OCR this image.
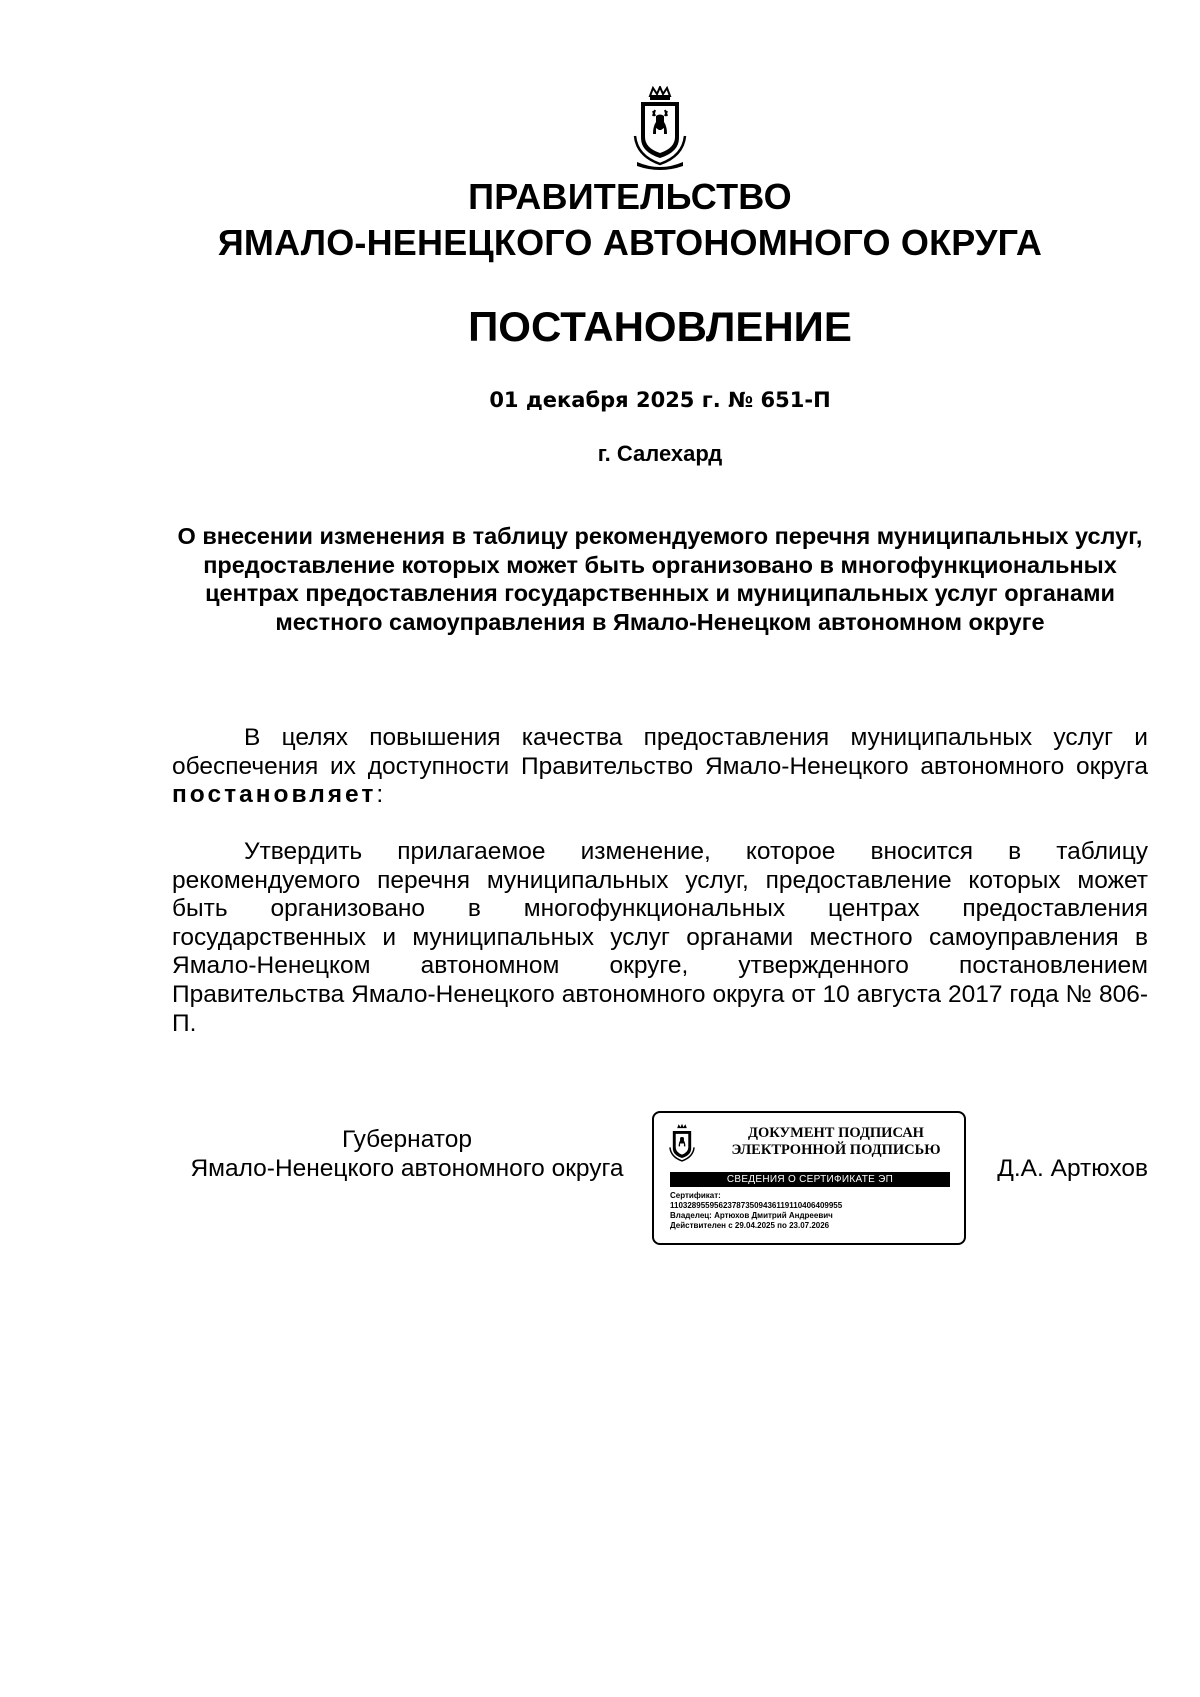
ПРАВИТЕЛЬСТВО
ЯМАЛО-НЕНЕЦКОГО АВТОНОМНОГО ОКРУГА
ПОСТАНОВЛЕНИЕ
01 декабря 2025 г. № 651-П
г. Салехард
О внесении изменения в таблицу рекомендуемого перечня муниципальных услуг, предоставление которых может быть организовано в многофункциональных центрах предоставления государственных и муниципальных услуг органами местного самоуправления в Ямало-Ненецком автономном округе
В целях повышения качества предоставления муниципальных услуг и обеспечения их доступности Правительство Ямало-Ненецкого автономного округа постановляет:
Утвердить прилагаемое изменение, которое вносится в таблицу рекомендуемого перечня муниципальных услуг, предоставление которых может быть организовано в многофункциональных центрах предоставления государственных и муниципальных услуг органами местного самоуправления в Ямало-Ненецком автономном округе, утвержденного постановлением Правительства Ямало-Ненецкого автономного округа от 10 августа 2017 года № 806-П.
Губернатор
Ямало-Ненецкого автономного округа
ДОКУМЕНТ ПОДПИСАН
ЭЛЕКТРОННОЙ ПОДПИСЬЮ
СВЕДЕНИЯ О СЕРТИФИКАТЕ ЭП
Сертификат:
110328955956237873509436119110406409955
Владелец: Артюхов Дмитрий Андреевич
Действителен с 29.04.2025 по 23.07.2026
Д.А. Артюхов
